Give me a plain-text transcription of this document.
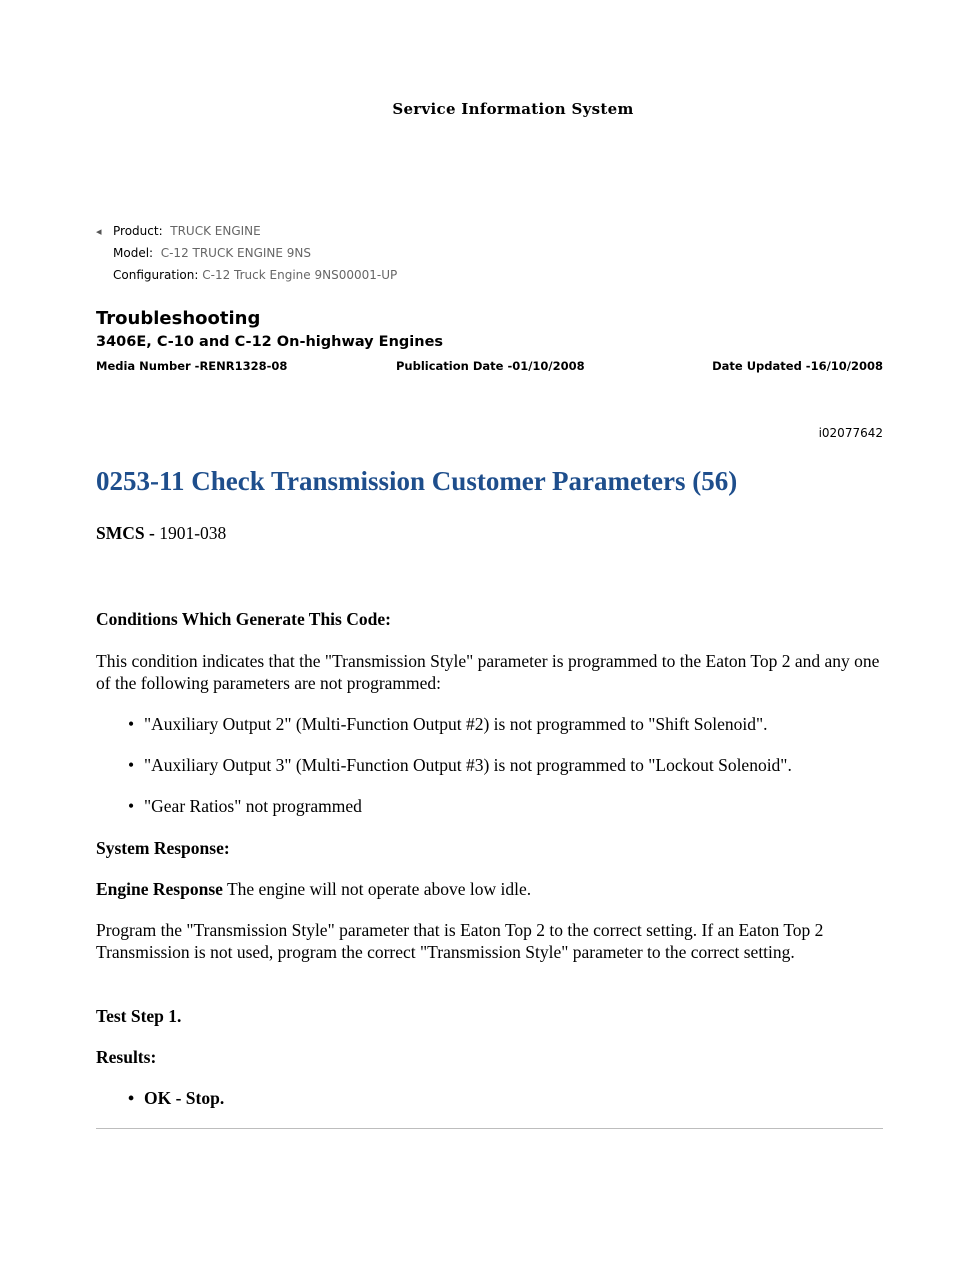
Service Information System
◂ Product: TRUCK ENGINE
Model: C-12 TRUCK ENGINE 9NS
Configuration: C-12 Truck Engine 9NS00001-UP
Troubleshooting
3406E, C-10 and C-12 On-highway Engines
Media Number -RENR1328-08	Publication Date -01/10/2008	Date Updated -16/10/2008
i02077642
0253-11 Check Transmission Customer Parameters (56)
SMCS - 1901-038
Conditions Which Generate This Code:
This condition indicates that the "Transmission Style" parameter is programmed to the Eaton Top 2 and any one of the following parameters are not programmed:
• "Auxiliary Output 2" (Multi-Function Output #2) is not programmed to "Shift Solenoid".
• "Auxiliary Output 3" (Multi-Function Output #3) is not programmed to "Lockout Solenoid".
• "Gear Ratios" not programmed
System Response:
Engine Response The engine will not operate above low idle.
Program the "Transmission Style" parameter that is Eaton Top 2 to the correct setting. If an Eaton Top 2 Transmission is not used, program the correct "Transmission Style" parameter to the correct setting.
Test Step 1.
Results:
• OK - Stop.
